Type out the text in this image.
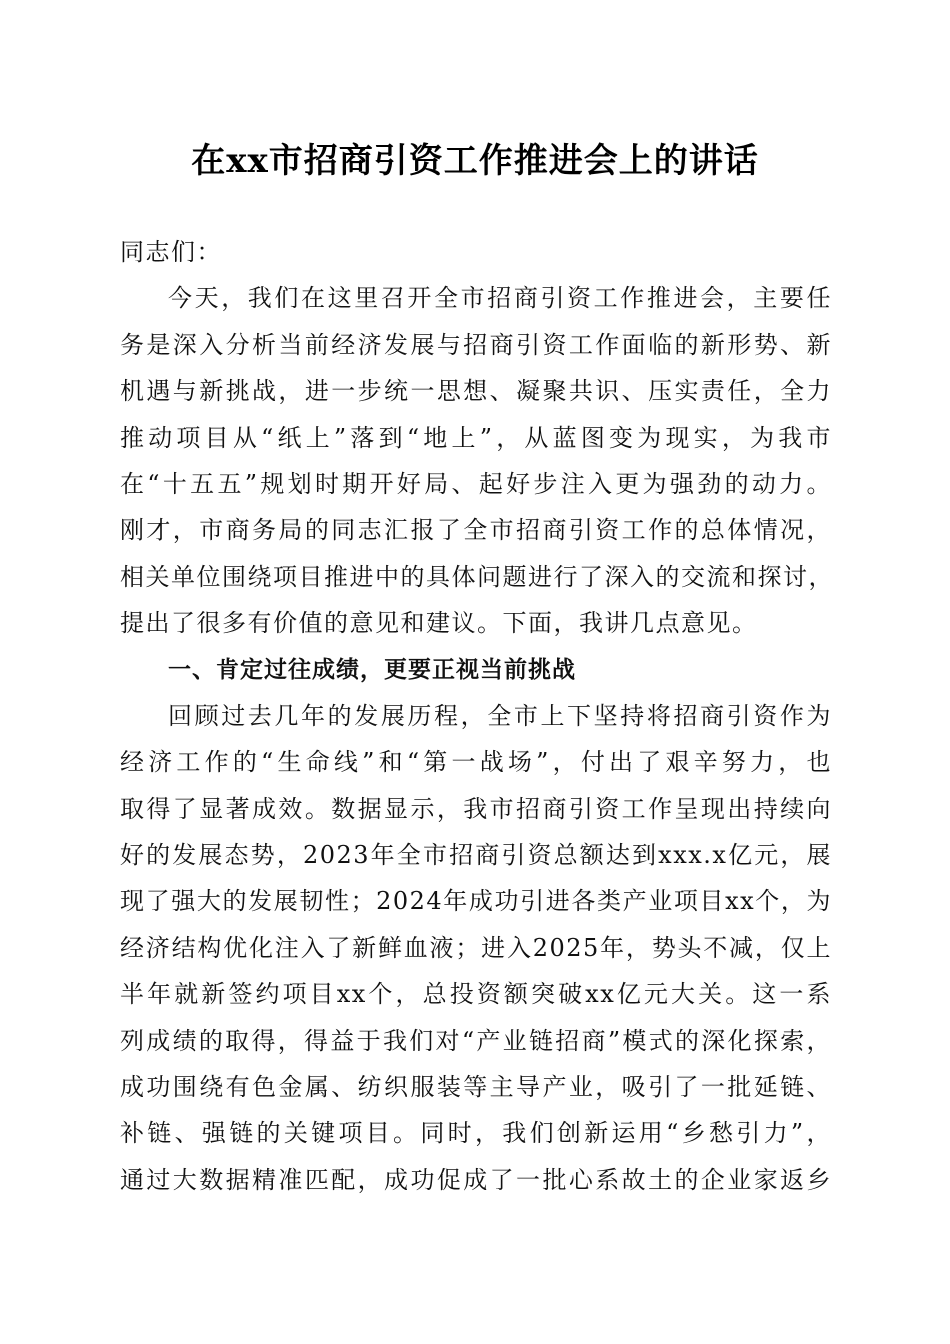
在xx市招商引资工作推进会上的讲话
同志们：
今天，我们在这里召开全市招商引资工作推进会，主要任
务是深入分析当前经济发展与招商引资工作面临的新形势、新
机遇与新挑战，进一步统一思想、凝聚共识、压实责任，全力
推动项目从“纸上”落到“地上”，从蓝图变为现实，为我市
在“十五五”规划时期开好局、起好步注入更为强劲的动力。
刚才，市商务局的同志汇报了全市招商引资工作的总体情况，
相关单位围绕项目推进中的具体问题进行了深入的交流和探讨，
提出了很多有价值的意见和建议。下面，我讲几点意见。
一、肯定过往成绩，更要正视当前挑战
回顾过去几年的发展历程，全市上下坚持将招商引资作为
经济工作的“生命线”和“第一战场”，付出了艰辛努力，也
取得了显著成效。数据显示，我市招商引资工作呈现出持续向
好的发展态势，2023年全市招商引资总额达到xxx.x亿元，展
现了强大的发展韧性；2024年成功引进各类产业项目xx个，为
经济结构优化注入了新鲜血液；进入2025年，势头不减，仅上
半年就新签约项目xx个，总投资额突破xx亿元大关。这一系
列成绩的取得，得益于我们对“产业链招商”模式的深化探索，
成功围绕有色金属、纺织服装等主导产业，吸引了一批延链、
补链、强链的关键项目。同时，我们创新运用“乡愁引力”，
通过大数据精准匹配，成功促成了一批心系故土的企业家返乡
